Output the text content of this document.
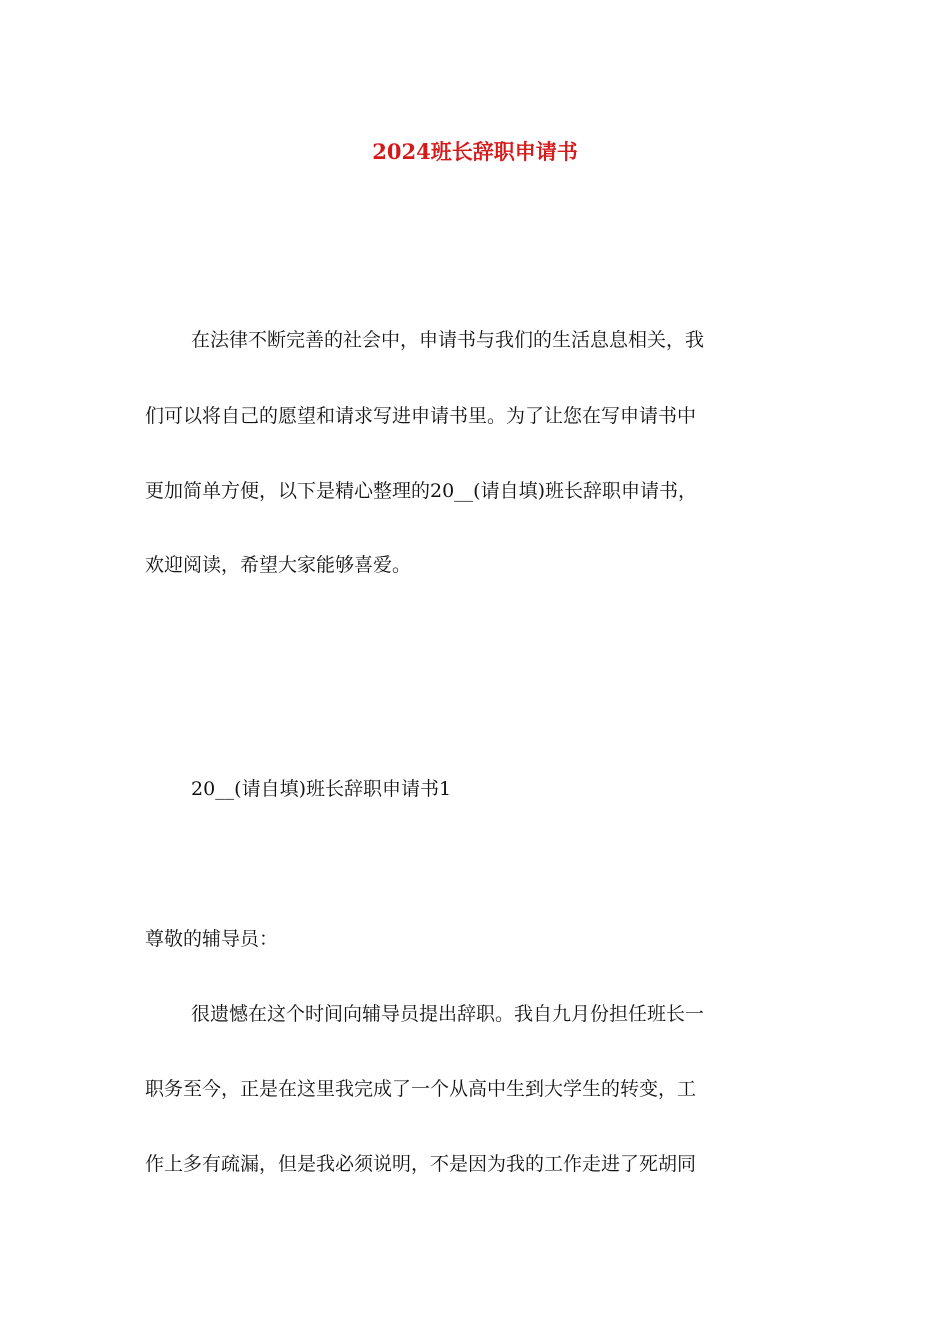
2024班长辞职申请书
在法律不断完善的社会中，申请书与我们的生活息息相关，我
们可以将自己的愿望和请求写进申请书里。为了让您在写申请书中
更加简单方便，以下是精心整理的20__(请自填)班长辞职申请书，
欢迎阅读，希望大家能够喜爱。
20__(请自填)班长辞职申请书1
尊敬的辅导员：
很遗憾在这个时间向辅导员提出辞职。我自九月份担任班长一
职务至今，正是在这里我完成了一个从高中生到大学生的转变，工
作上多有疏漏，但是我必须说明，不是因为我的工作走进了死胡同
